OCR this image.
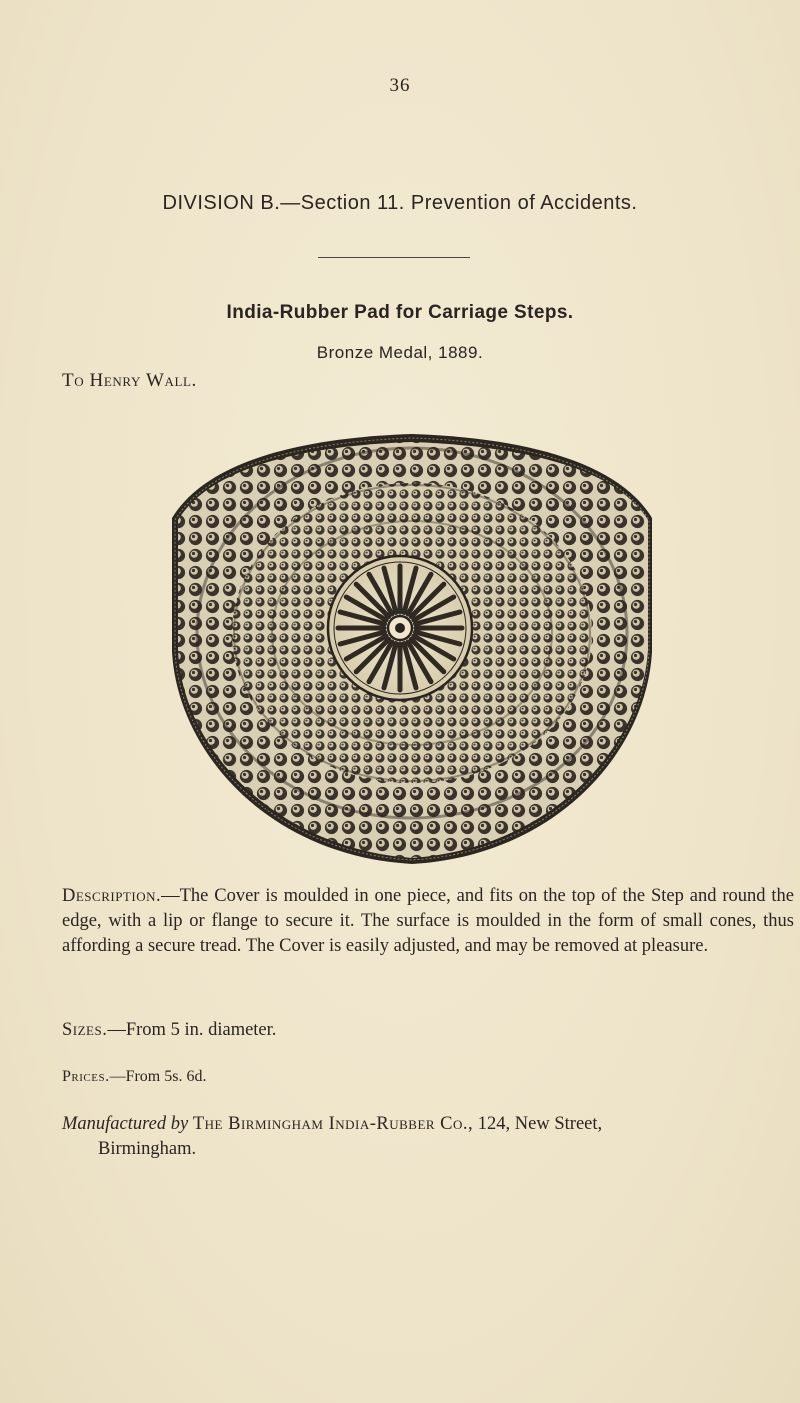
36
DIVISION B.—Section 11. Prevention of Accidents.
India-Rubber Pad for Carriage Steps.
Bronze Medal, 1889.
To Henry Wall.
Description.—The Cover is moulded in one piece, and fits on the top of the Step and round the edge, with a lip or flange to secure it. The surface is moulded in the form of small cones, thus affording a secure tread. The Cover is easily adjusted, and may be removed at pleasure.
Sizes.—From 5 in. diameter.
Prices.—From 5s. 6d.
Manufactured by The Birmingham India-Rubber Co., 124, New Street,
Birmingham.
